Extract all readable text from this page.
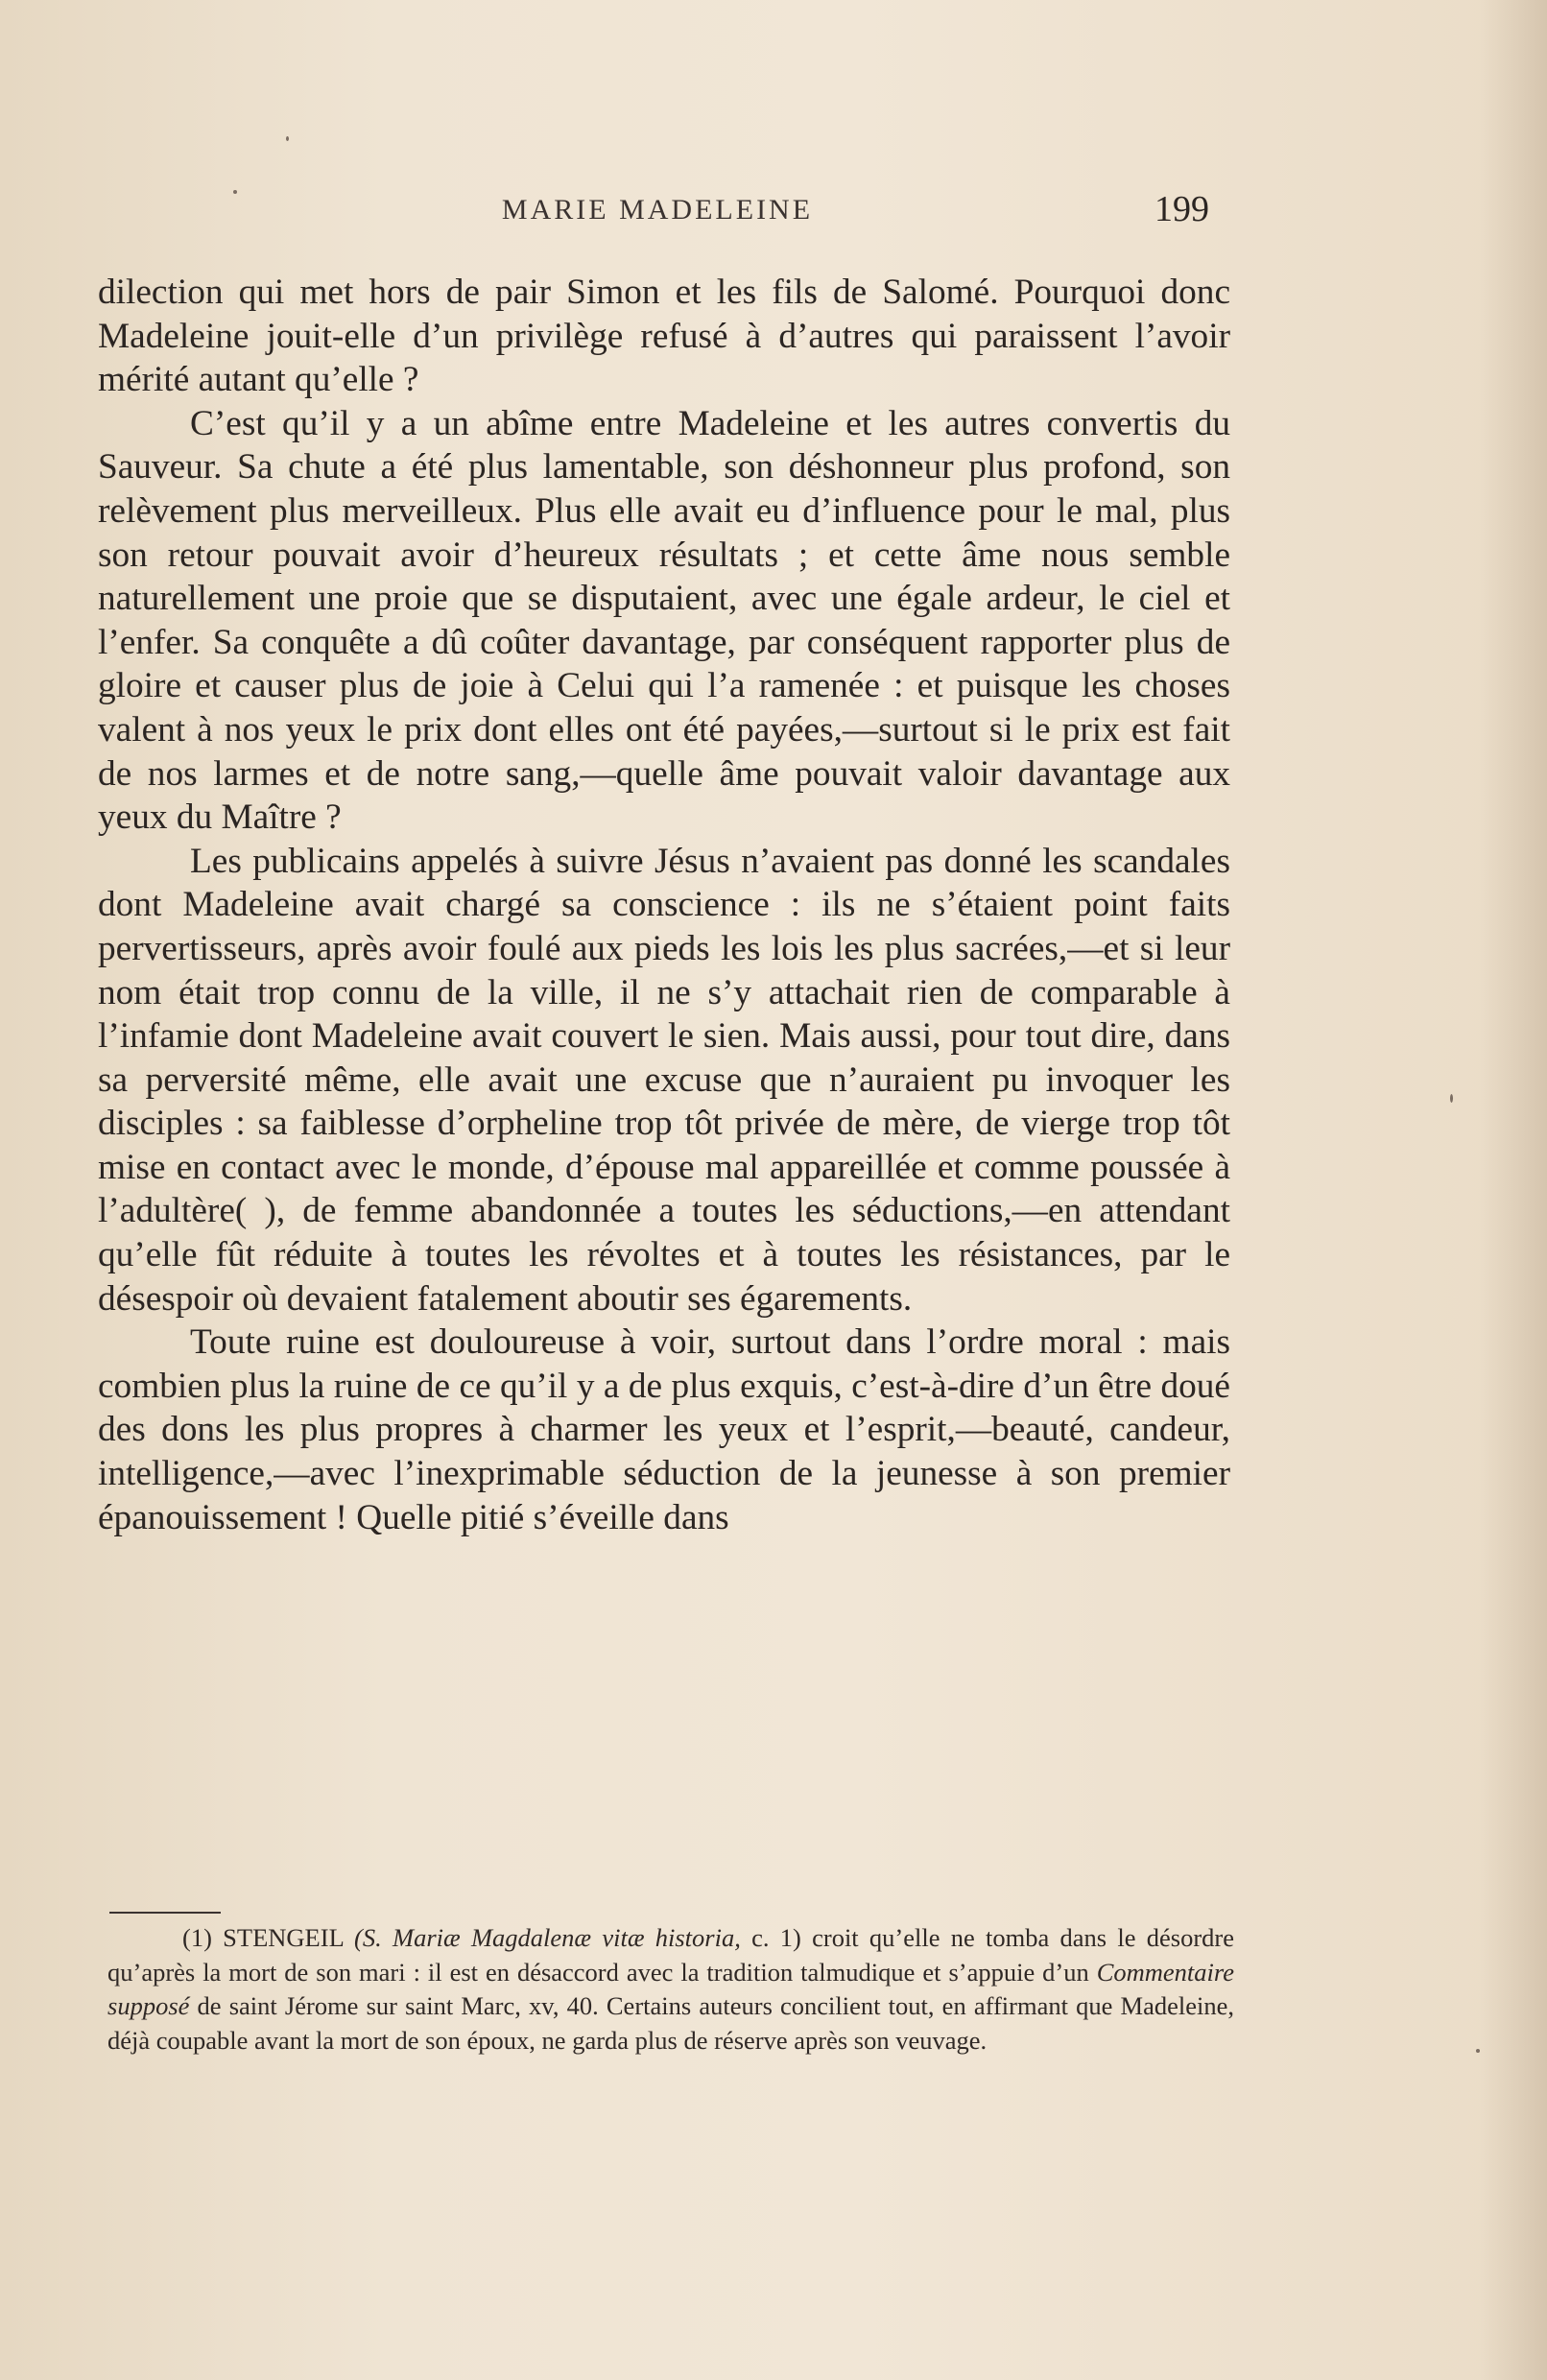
MARIE MADELEINE	199

dilection qui met hors de pair Simon et les fils de Salomé. Pourquoi donc Madeleine jouit-elle d’un privilège refusé à d’autres qui paraissent l’avoir mérité autant qu’elle ?

C’est qu’il y a un abîme entre Madeleine et les autres convertis du Sauveur. Sa chute a été plus lamentable, son déshonneur plus profond, son relèvement plus merveilleux. Plus elle avait eu d’influence pour le mal, plus son retour pouvait avoir d’heureux résultats ; et cette âme nous semble naturellement une proie que se disputaient, avec une égale ardeur, le ciel et l’enfer. Sa conquête a dû coûter davantage, par conséquent rapporter plus de gloire et causer plus de joie à Celui qui l’a ramenée : et puisque les choses valent à nos yeux le prix dont elles ont été payées,—surtout si le prix est fait de nos larmes et de notre sang,—quelle âme pouvait valoir davantage aux yeux du Maître ?

Les publicains appelés à suivre Jésus n’avaient pas donné les scandales dont Madeleine avait chargé sa conscience : ils ne s’étaient point faits pervertisseurs, après avoir foulé aux pieds les lois les plus sacrées,—et si leur nom était trop connu de la ville, il ne s’y attachait rien de comparable à l’infamie dont Madeleine avait couvert le sien. Mais aussi, pour tout dire, dans sa perversité même, elle avait une excuse que n’auraient pu invoquer les disciples : sa faiblesse d’orpheline trop tôt privée de mère, de vierge trop tôt mise en contact avec le monde, d’épouse mal appareillée et comme poussée à l’adultère( ), de femme abandonnée a toutes les séductions,—en attendant qu’elle fût réduite à toutes les révoltes et à toutes les résistances, par le désespoir où devaient fatalement aboutir ses égarements.

Toute ruine est douloureuse à voir, surtout dans l’ordre moral : mais combien plus la ruine de ce qu’il y a de plus exquis, c’est-à-dire d’un être doué des dons les plus propres à charmer les yeux et l’esprit,—beauté, candeur, intelligence,—avec l’inexprimable séduction de la jeunesse à son premier épanouissement ! Quelle pitié s’éveille dans

(1) STENGEIL (S. Mariæ Magdalenæ vitæ historia, c. 1) croit qu’elle ne tomba dans le désordre qu’après la mort de son mari : il est en désaccord avec la tradition talmudique et s’appuie d’un Commentaire supposé de saint Jérome sur saint Marc, xv, 40. Certains auteurs concilient tout, en affirmant que Madeleine, déjà coupable avant la mort de son époux, ne garda plus de réserve après son veuvage.
